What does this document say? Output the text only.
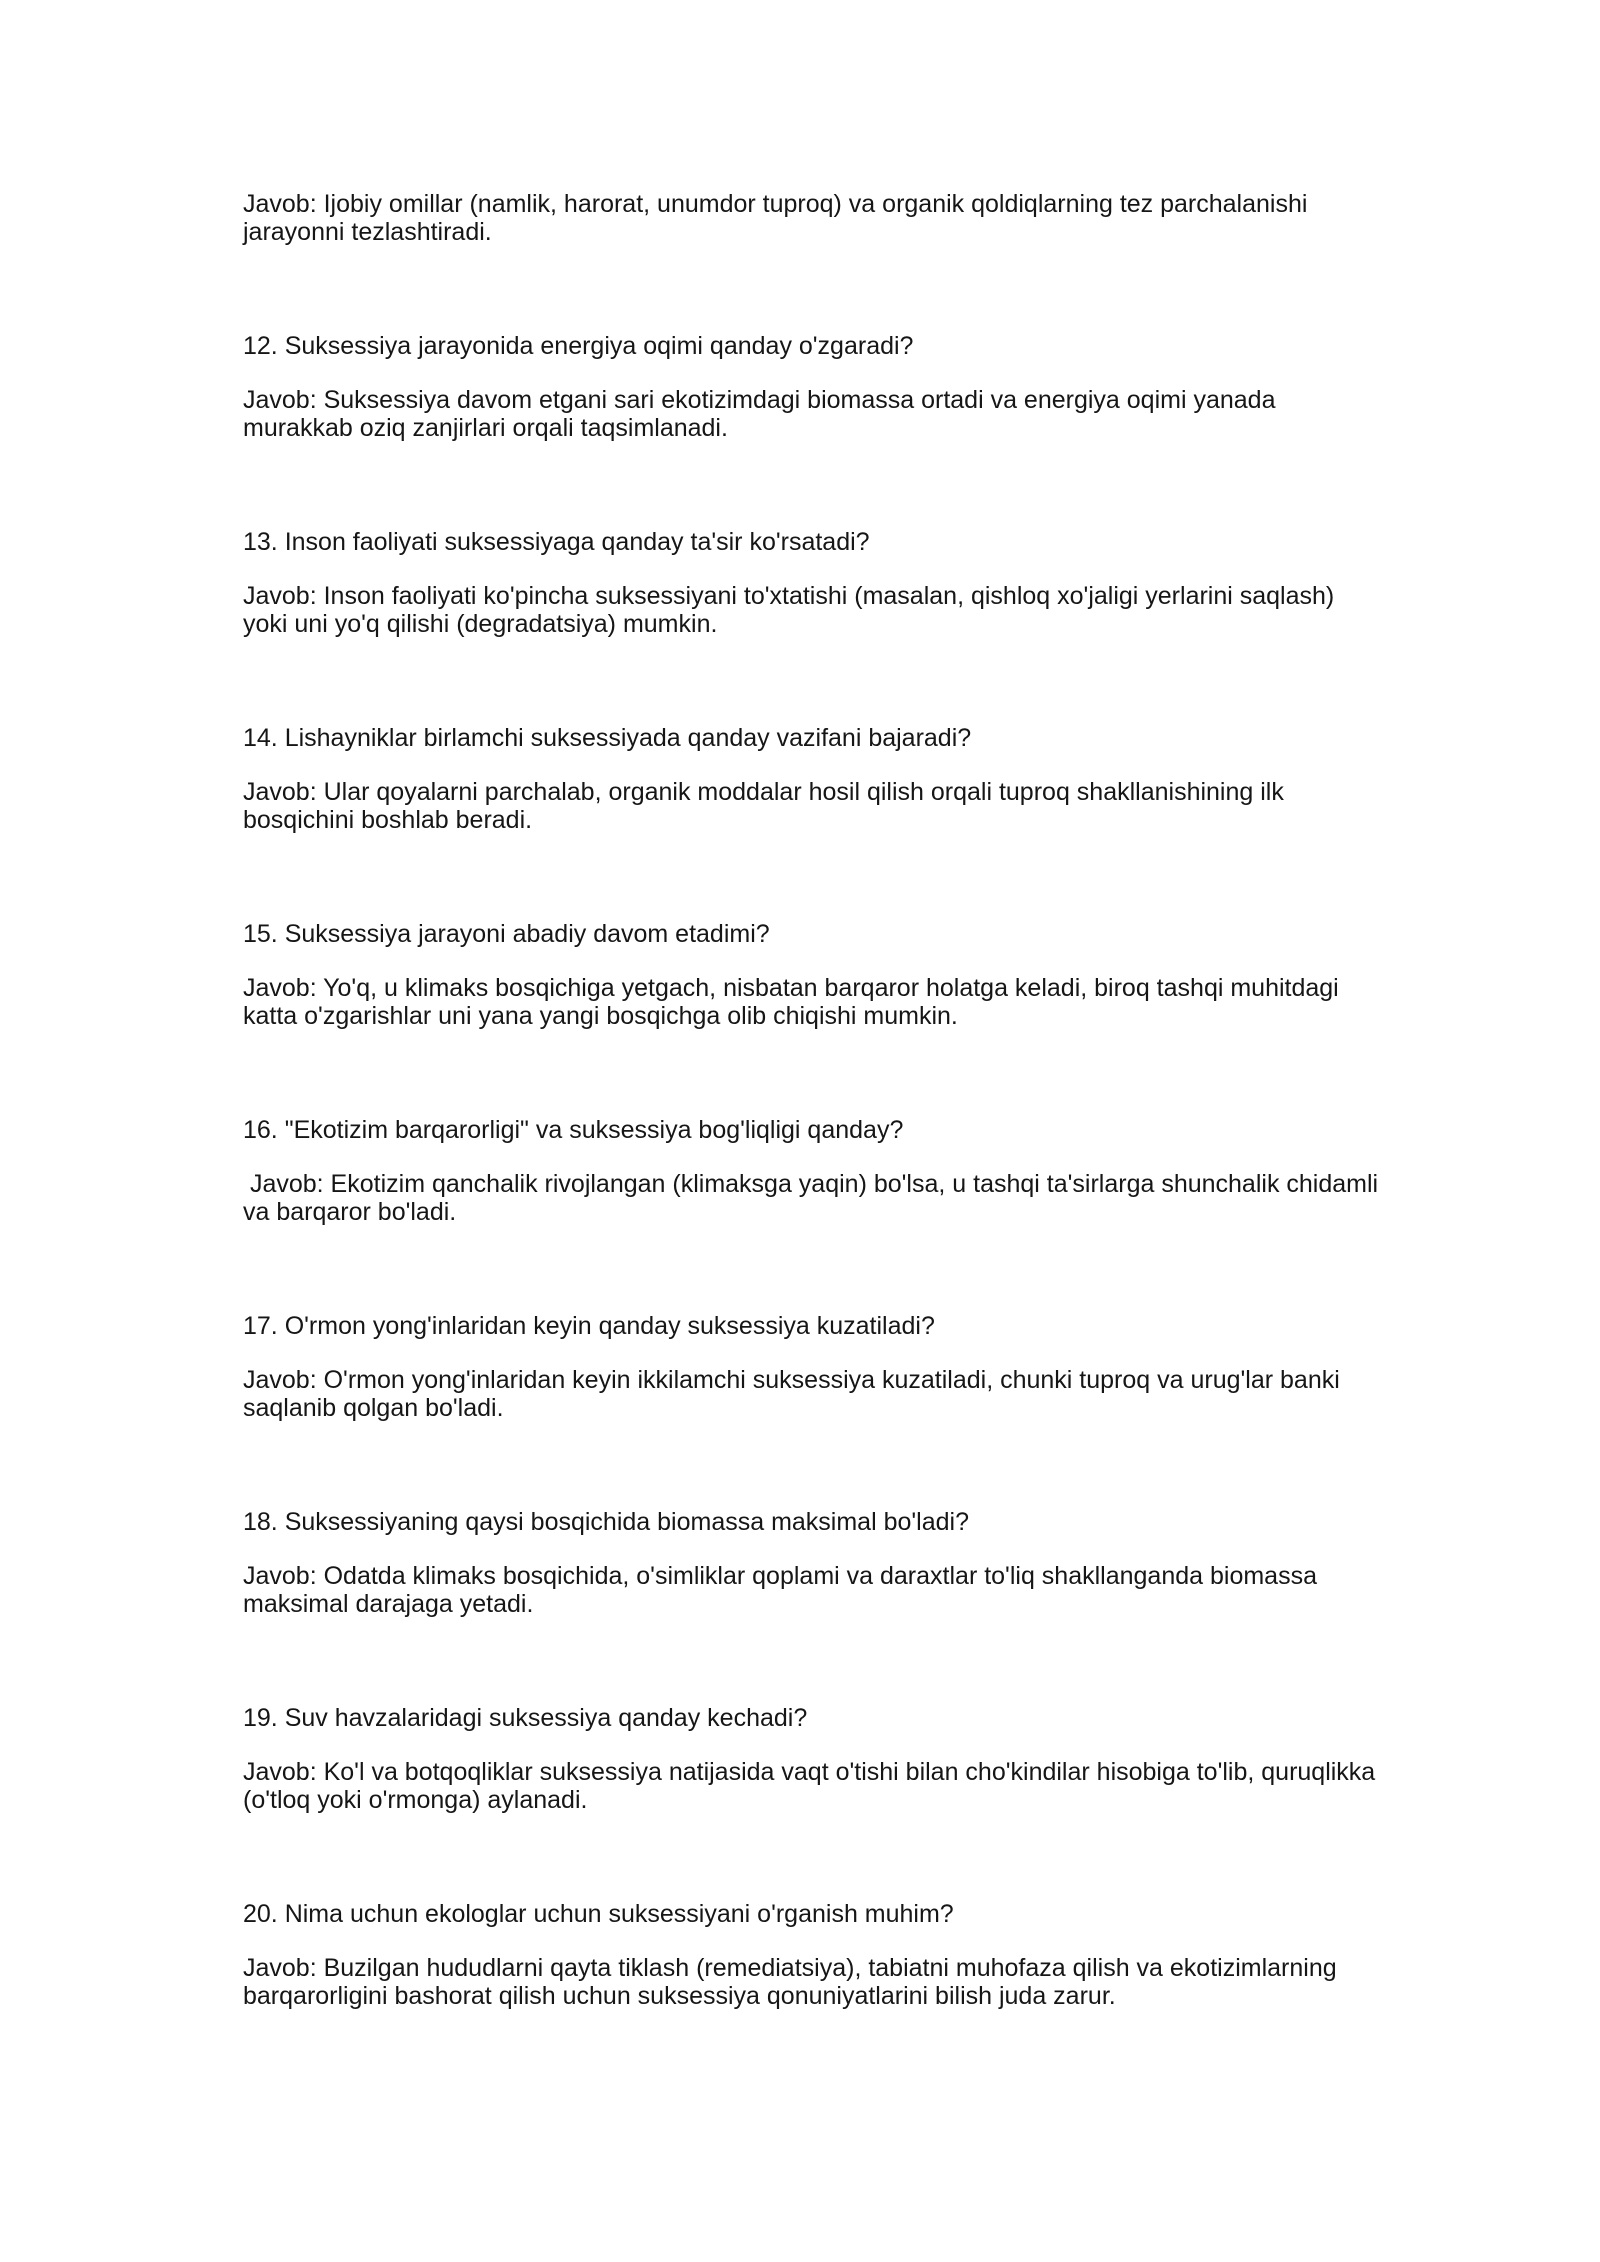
Javob: Ijobiy omillar (namlik, harorat, unumdor tuproq) va organik qoldiqlarning tez parchalanishi jarayonni tezlashtiradi.

12. Suksessiya jarayonida energiya oqimi qanday o'zgaradi?

Javob: Suksessiya davom etgani sari ekotizimdagi biomassa ortadi va energiya oqimi yanada murakkab oziq zanjirlari orqali taqsimlanadi.

13. Inson faoliyati suksessiyaga qanday ta'sir ko'rsatadi?

Javob: Inson faoliyati ko'pincha suksessiyani to'xtatishi (masalan, qishloq xo'jaligi yerlarini saqlash) yoki uni yo'q qilishi (degradatsiya) mumkin.

14. Lishayniklar birlamchi suksessiyada qanday vazifani bajaradi?

Javob: Ular qoyalarni parchalab, organik moddalar hosil qilish orqali tuproq shakllanishining ilk bosqichini boshlab beradi.

15. Suksessiya jarayoni abadiy davom etadimi?

Javob: Yo'q, u klimaks bosqichiga yetgach, nisbatan barqaror holatga keladi, biroq tashqi muhitdagi katta o'zgarishlar uni yana yangi bosqichga olib chiqishi mumkin.

16. "Ekotizim barqarorligi" va suksessiya bog'liqligi qanday?

Javob: Ekotizim qanchalik rivojlangan (klimaksga yaqin) bo'lsa, u tashqi ta'sirlarga shunchalik chidamli va barqaror bo'ladi.

17. O'rmon yong'inlaridan keyin qanday suksessiya kuzatiladi?

Javob: O'rmon yong'inlaridan keyin ikkilamchi suksessiya kuzatiladi, chunki tuproq va urug'lar banki saqlanib qolgan bo'ladi.

18. Suksessiyaning qaysi bosqichida biomassa maksimal bo'ladi?

Javob: Odatda klimaks bosqichida, o'simliklar qoplami va daraxtlar to'liq shakllanganda biomassa maksimal darajaga yetadi.

19. Suv havzalaridagi suksessiya qanday kechadi?

Javob: Ko'l va botqoqliklar suksessiya natijasida vaqt o'tishi bilan cho'kindilar hisobiga to'lib, quruqlikka (o'tloq yoki o'rmonga) aylanadi.

20. Nima uchun ekologlar uchun suksessiyani o'rganish muhim?

Javob: Buzilgan hududlarni qayta tiklash (remediatsiya), tabiatni muhofaza qilish va ekotizimlarning barqarorligini bashorat qilish uchun suksessiya qonuniyatlarini bilish juda zarur.
